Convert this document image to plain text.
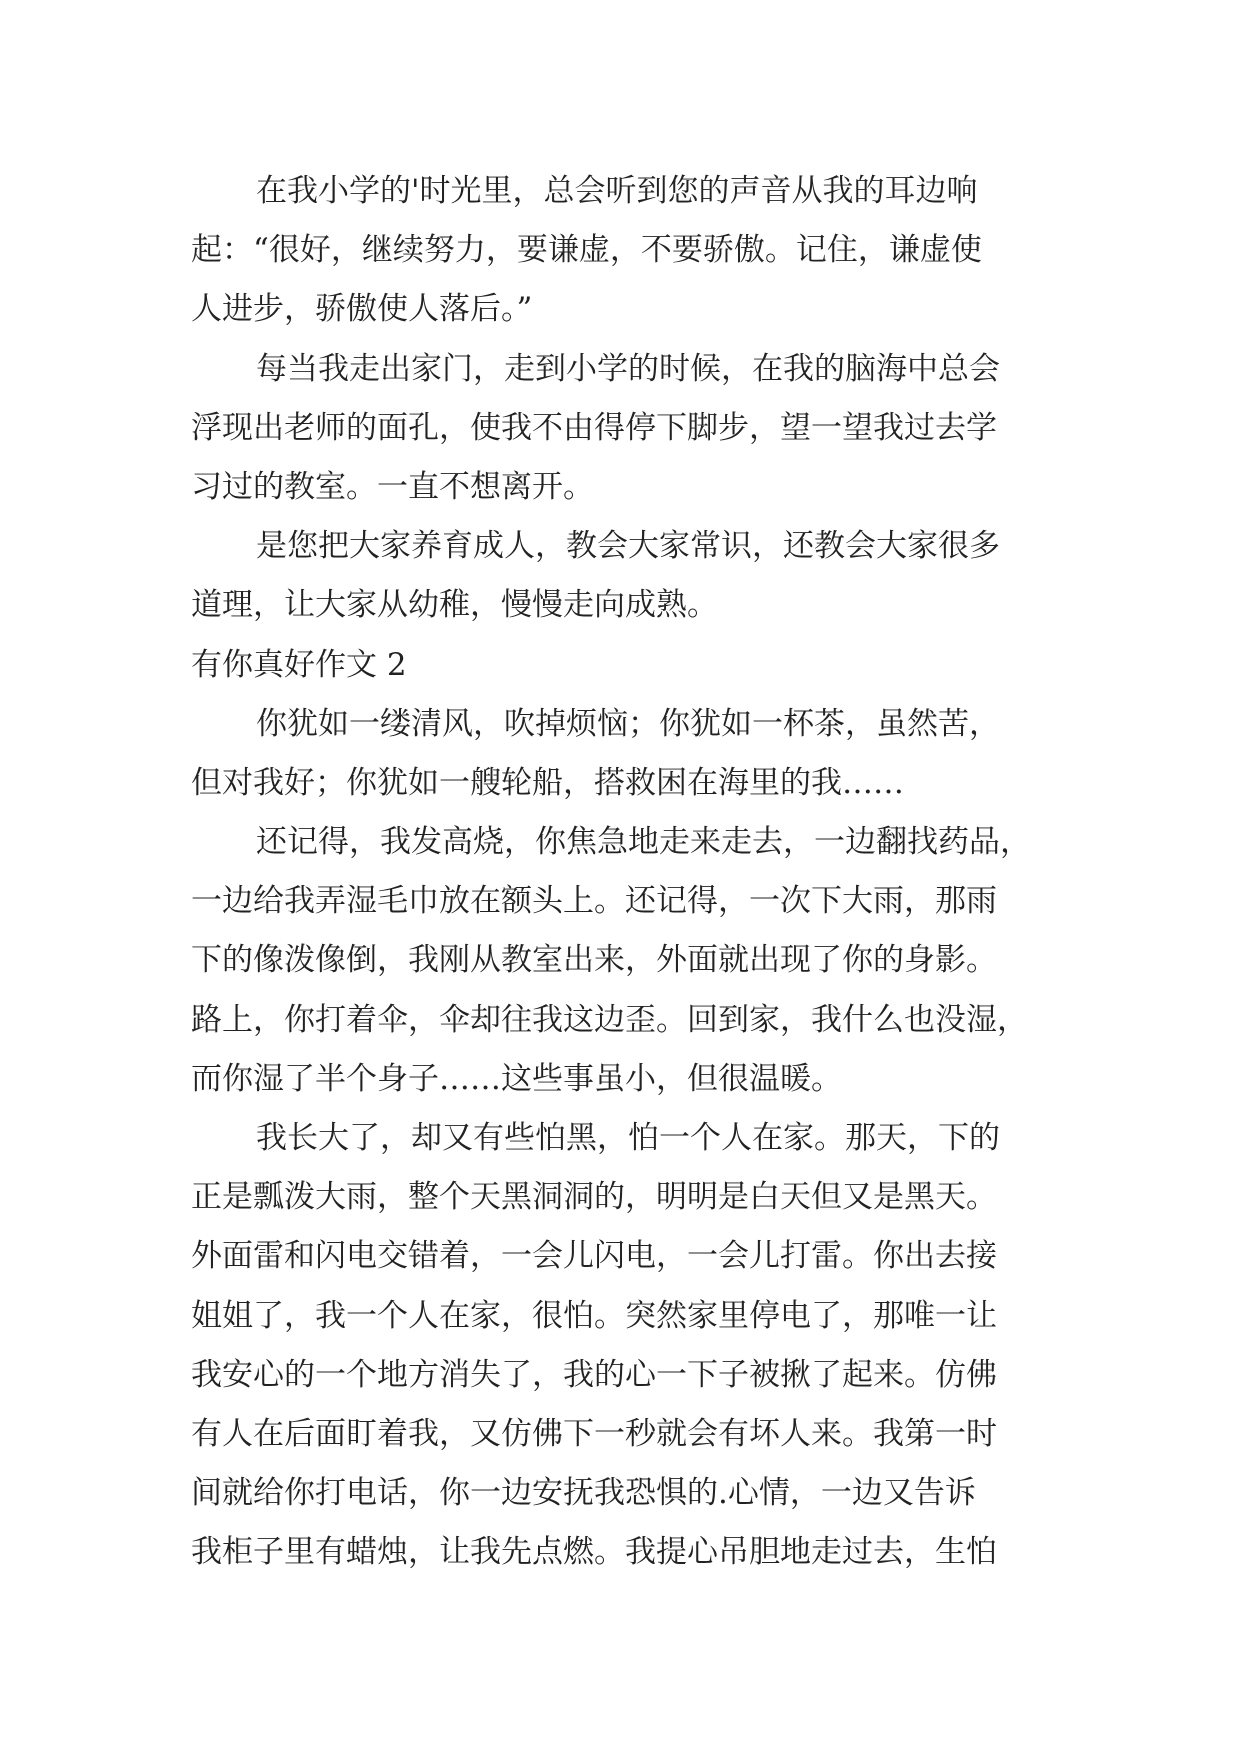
在我小学的'时光里，总会听到您的声音从我的耳边响
起：“很好，继续努力，要谦虚，不要骄傲。记住，谦虚使
人进步，骄傲使人落后。”
每当我走出家门，走到小学的时候，在我的脑海中总会
浮现出老师的面孔，使我不由得停下脚步，望一望我过去学
习过的教室。一直不想离开。
是您把大家养育成人，教会大家常识，还教会大家很多
道理，让大家从幼稚，慢慢走向成熟。
有你真好作文 2
你犹如一缕清风，吹掉烦恼；你犹如一杯茶，虽然苦，
但对我好；你犹如一艘轮船，搭救困在海里的我……
还记得，我发高烧，你焦急地走来走去，一边翻找药品，
一边给我弄湿毛巾放在额头上。还记得，一次下大雨，那雨
下的像泼像倒，我刚从教室出来，外面就出现了你的身影。
路上，你打着伞，伞却往我这边歪。回到家，我什么也没湿，
而你湿了半个身子……这些事虽小，但很温暖。
我长大了，却又有些怕黑，怕一个人在家。那天，下的
正是瓢泼大雨，整个天黑洞洞的，明明是白天但又是黑天。
外面雷和闪电交错着，一会儿闪电，一会儿打雷。你出去接
姐姐了，我一个人在家，很怕。突然家里停电了，那唯一让
我安心的一个地方消失了，我的心一下子被揪了起来。仿佛
有人在后面盯着我，又仿佛下一秒就会有坏人来。我第一时
间就给你打电话，你一边安抚我恐惧的.心情，一边又告诉
我柜子里有蜡烛，让我先点燃。我提心吊胆地走过去，生怕
